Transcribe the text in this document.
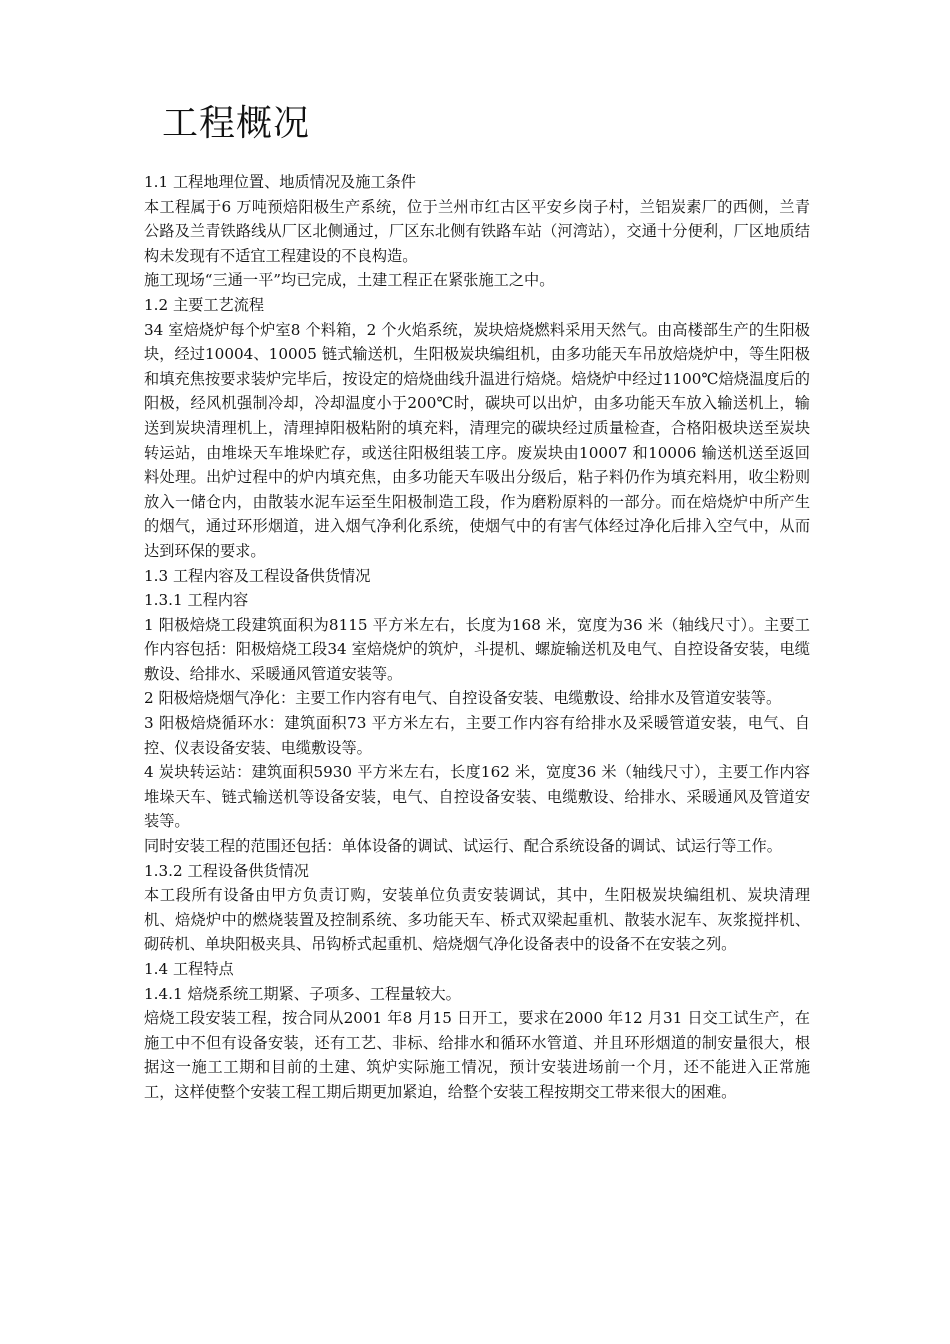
工程概况

1.1 工程地理位置、地质情况及施工条件

本工程属于6 万吨预焙阳极生产系统，位于兰州市红古区平安乡岗子村，兰铝炭素厂的西侧，兰青公路及兰青铁路线从厂区北侧通过，厂区东北侧有铁路车站（河湾站），交通十分便利，厂区地质结构未发现有不适宜工程建设的不良构造。

施工现场“三通一平”均已完成，土建工程正在紧张施工之中。

1.2 主要工艺流程

34 室焙烧炉每个炉室8 个料箱，2 个火焰系统，炭块焙烧燃料采用天然气。由高楼部生产的生阳极块，经过10004、10005 链式输送机，生阳极炭块编组机，由多功能天车吊放焙烧炉中，等生阳极和填充焦按要求装炉完毕后，按设定的焙烧曲线升温进行焙烧。焙烧炉中经过1100℃焙烧温度后的阳极，经风机强制冷却，冷却温度小于200℃时，碳块可以出炉，由多功能天车放入输送机上，输送到炭块清理机上，清理掉阳极粘附的填充料，清理完的碳块经过质量检查，合格阳极块送至炭块转运站，由堆垛天车堆垛贮存，或送往阳极组装工序。废炭块由10007 和10006 输送机送至返回料处理。出炉过程中的炉内填充焦，由多功能天车吸出分级后，粘子料仍作为填充料用，收尘粉则放入一储仓内，由散装水泥车运至生阳极制造工段，作为磨粉原料的一部分。而在焙烧炉中所产生的烟气，通过环形烟道，进入烟气净利化系统，使烟气中的有害气体经过净化后排入空气中，从而达到环保的要求。

1.3 工程内容及工程设备供货情况

1.3.1 工程内容

1 阳极焙烧工段建筑面积为8115 平方米左右，长度为168 米，宽度为36 米（轴线尺寸）。主要工作内容包括：阳极焙烧工段34 室焙烧炉的筑炉，斗提机、螺旋输送机及电气、自控设备安装，电缆敷设、给排水、采暖通风管道安装等。

2 阳极焙烧烟气净化：主要工作内容有电气、自控设备安装、电缆敷设、给排水及管道安装等。

3 阳极焙烧循环水：建筑面积73 平方米左右，主要工作内容有给排水及采暖管道安装，电气、自控、仪表设备安装、电缆敷设等。

4 炭块转运站：建筑面积5930 平方米左右，长度162 米，宽度36 米（轴线尺寸），主要工作内容堆垛天车、链式输送机等设备安装，电气、自控设备安装、电缆敷设、给排水、采暖通风及管道安装等。

同时安装工程的范围还包括：单体设备的调试、试运行、配合系统设备的调试、试运行等工作。

1.3.2 工程设备供货情况

本工段所有设备由甲方负责订购，安装单位负责安装调试，其中，生阳极炭块编组机、炭块清理机、焙烧炉中的燃烧装置及控制系统、多功能天车、桥式双梁起重机、散装水泥车、灰浆搅拌机、砌砖机、单块阳极夹具、吊钩桥式起重机、焙烧烟气净化设备表中的设备不在安装之列。

1.4 工程特点

1.4.1 焙烧系统工期紧、子项多、工程量较大。

焙烧工段安装工程，按合同从2001 年8 月15 日开工，要求在2000 年12 月31 日交工试生产，在施工中不但有设备安装，还有工艺、非标、给排水和循环水管道、并且环形烟道的制安量很大，根据这一施工工期和目前的土建、筑炉实际施工情况，预计安装进场前一个月，还不能进入正常施工，这样使整个安装工程工期后期更加紧迫，给整个安装工程按期交工带来很大的困难。
